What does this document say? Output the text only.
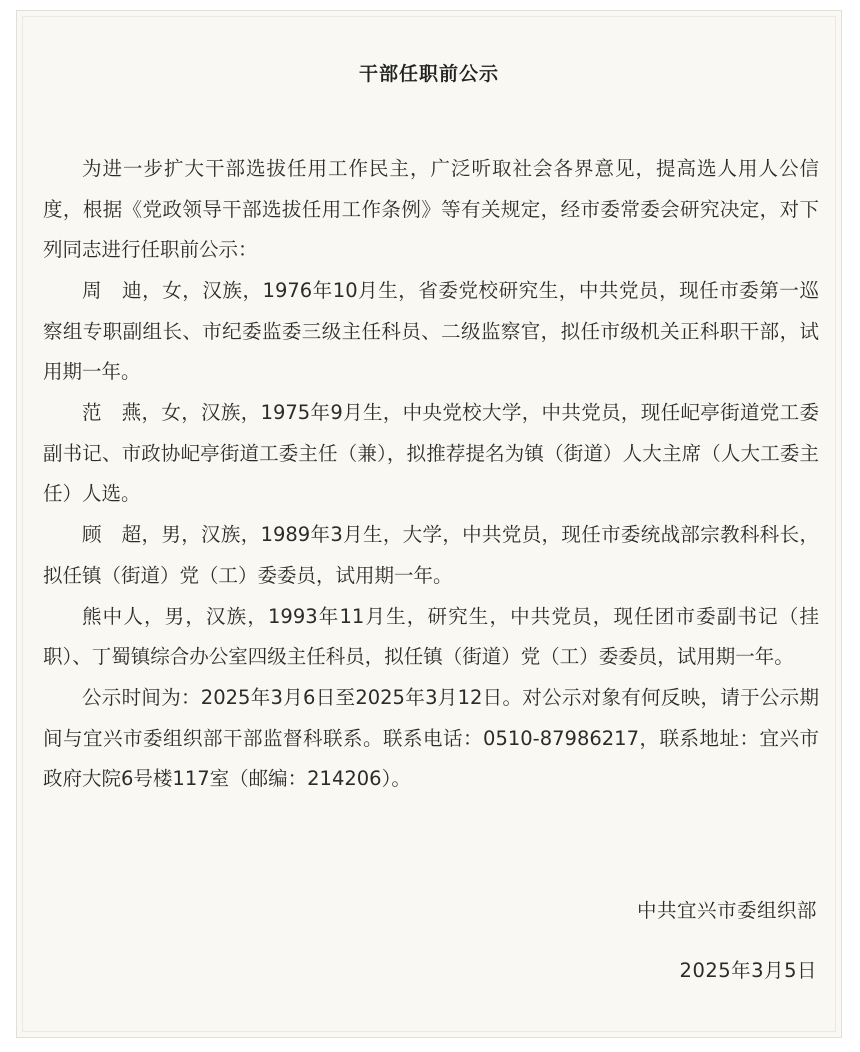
干部任职前公示

为进一步扩大干部选拔任用工作民主，广泛听取社会各界意见，提高选人用人公信度，根据《党政领导干部选拔任用工作条例》等有关规定，经市委常委会研究决定，对下列同志进行任职前公示：

周　迪，女，汉族，1976年10月生，省委党校研究生，中共党员，现任市委第一巡察组专职副组长、市纪委监委三级主任科员、二级监察官，拟任市级机关正科职干部，试用期一年。

范　燕，女，汉族，1975年9月生，中央党校大学，中共党员，现任屺亭街道党工委副书记、市政协屺亭街道工委主任（兼），拟推荐提名为镇（街道）人大主席（人大工委主任）人选。

顾　超，男，汉族，1989年3月生，大学，中共党员，现任市委统战部宗教科科长，拟任镇（街道）党（工）委委员，试用期一年。

熊中人，男，汉族，1993年11月生，研究生，中共党员，现任团市委副书记（挂职）、丁蜀镇综合办公室四级主任科员，拟任镇（街道）党（工）委委员，试用期一年。

公示时间为：2025年3月6日至2025年3月12日。对公示对象有何反映，请于公示期间与宜兴市委组织部干部监督科联系。联系电话：0510-87986217，联系地址：宜兴市政府大院6号楼117室（邮编：214206）。

中共宜兴市委组织部
2025年3月5日
